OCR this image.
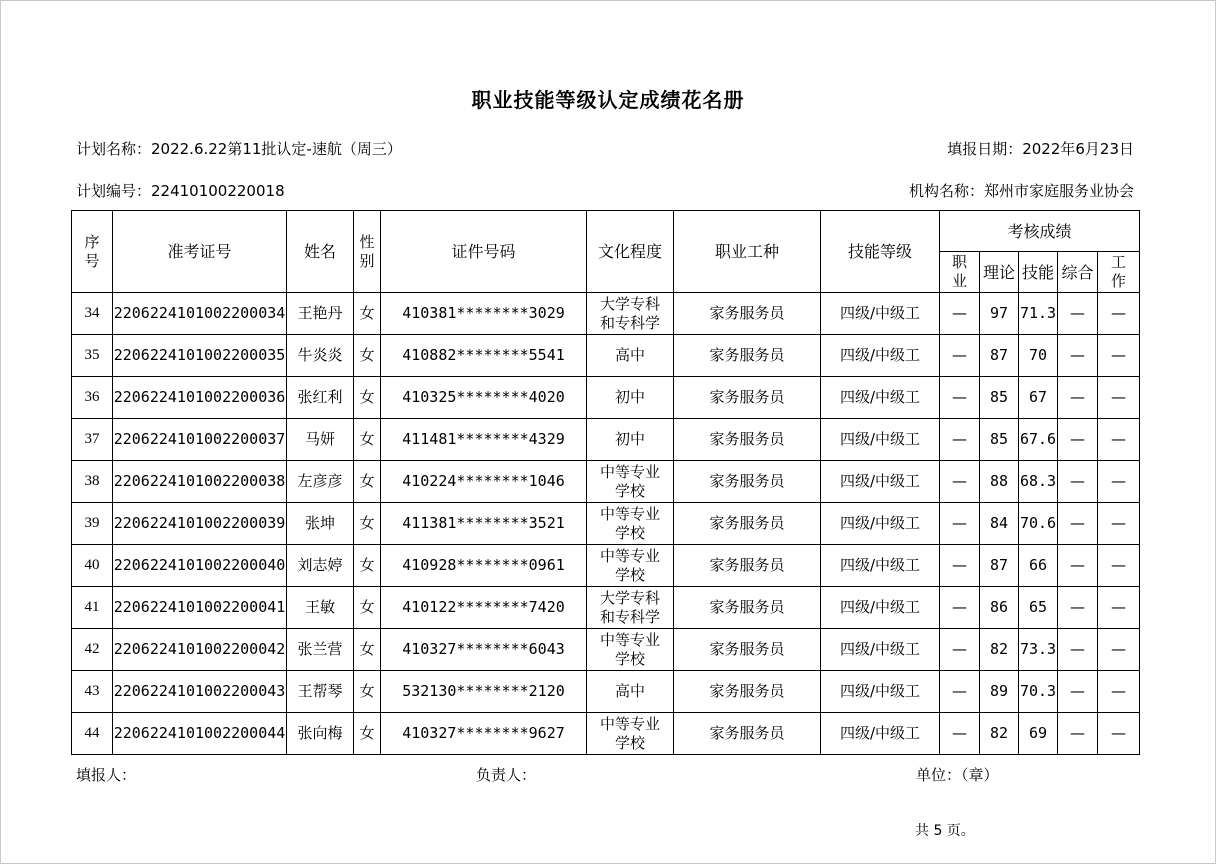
职业技能等级认定成绩花名册
计划名称：2022.6.22第11批认定-速航（周三）	填报日期：2022年6月23日
计划编号：22410100220018	机构名称：郑州市家庭服务业协会
序号	准考证号	姓名	性别	证件号码	文化程度	职业工种	技能等级	考核成绩				

								职业	理论	技能	综合	工作

34	2206224101002200034	王艳丹	女	410381********3029	大学专科和专科学	家务服务员	四级/中级工	—	97	71.3	—	—
35	2206224101002200035	牛炎炎	女	410882********5541	高中	家务服务员	四级/中级工	—	87	70	—	—
36	2206224101002200036	张红利	女	410325********4020	初中	家务服务员	四级/中级工	—	85	67	—	—
37	2206224101002200037	马妍	女	411481********4329	初中	家务服务员	四级/中级工	—	85	67.6	—	—
38	2206224101002200038	左彦彦	女	410224********1046	中等专业学校	家务服务员	四级/中级工	—	88	68.3	—	—
39	2206224101002200039	张坤	女	411381********3521	中等专业学校	家务服务员	四级/中级工	—	84	70.6	—	—
40	2206224101002200040	刘志婷	女	410928********0961	中等专业学校	家务服务员	四级/中级工	—	87	66	—	—
41	2206224101002200041	王敏	女	410122********7420	大学专科和专科学	家务服务员	四级/中级工	—	86	65	—	—
42	2206224101002200042	张兰营	女	410327********6043	中等专业学校	家务服务员	四级/中级工	—	82	73.3	—	—
43	2206224101002200043	王帮琴	女	532130********2120	高中	家务服务员	四级/中级工	—	89	70.3	—	—
44	2206224101002200044	张向梅	女	410327********9627	中等专业学校	家务服务员	四级/中级工	—	82	69	—	—
填报人：	负责人：	单位：（章）
共 5 页。
